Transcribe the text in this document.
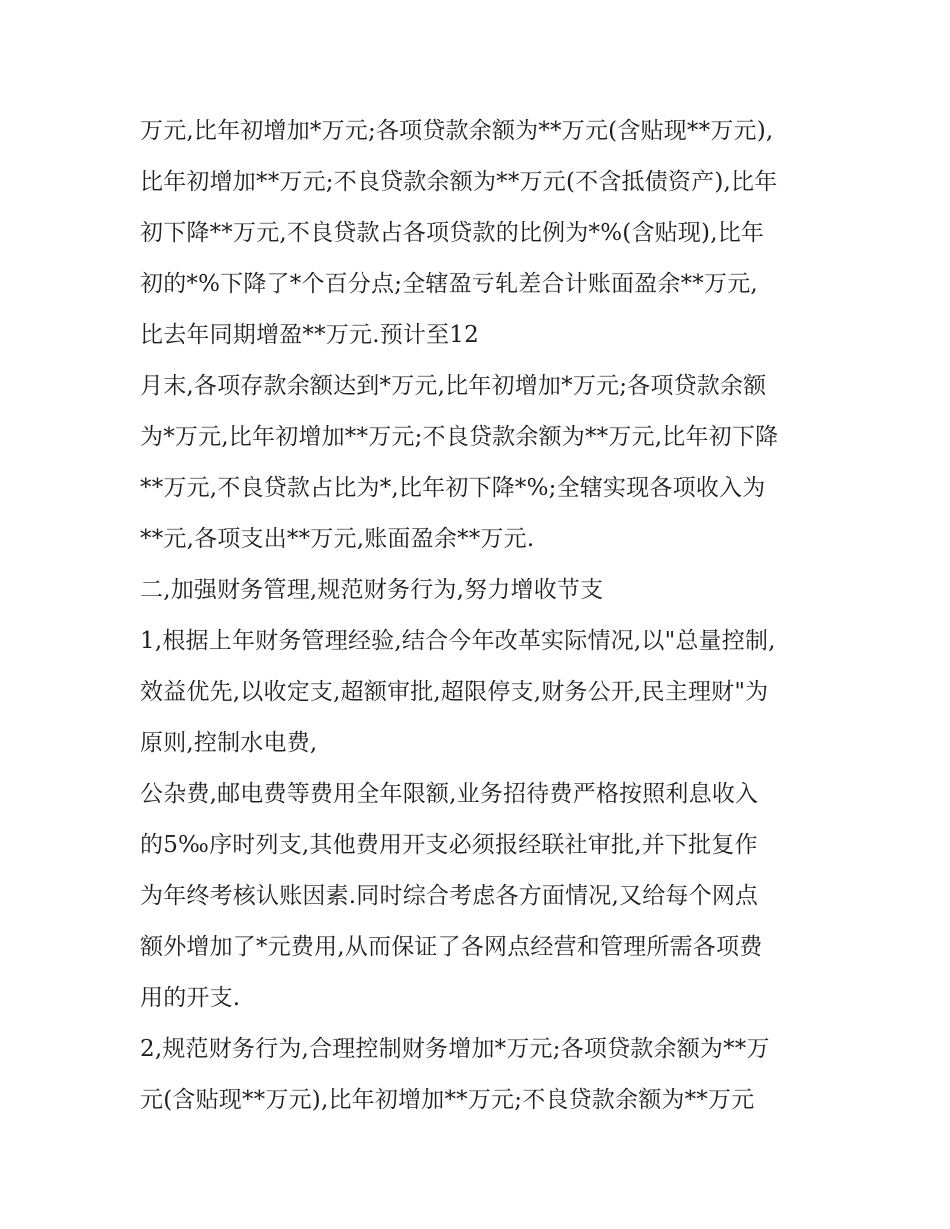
万元,比年初增加*万元;各项贷款余额为**万元(含贴现**万元),
比年初增加**万元;不良贷款余额为**万元(不含抵债资产),比年
初下降**万元,不良贷款占各项贷款的比例为*%(含贴现),比年
初的*%下降了*个百分点;全辖盈亏轧差合计账面盈余**万元,
比去年同期增盈**万元.预计至12
月末,各项存款余额达到*万元,比年初增加*万元;各项贷款余额
为*万元,比年初增加**万元;不良贷款余额为**万元,比年初下降
**万元,不良贷款占比为*,比年初下降*%;全辖实现各项收入为
**元,各项支出**万元,账面盈余**万元.
二,加强财务管理,规范财务行为,努力增收节支
1,根据上年财务管理经验,结合今年改革实际情况,以"总量控制,
效益优先,以收定支,超额审批,超限停支,财务公开,民主理财"为
原则,控制水电费,
公杂费,邮电费等费用全年限额,业务招待费严格按照利息收入
的5‰序时列支,其他费用开支必须报经联社审批,并下批复作
为年终考核认账因素.同时综合考虑各方面情况,又给每个网点
额外增加了*元费用,从而保证了各网点经营和管理所需各项费
用的开支.
2,规范财务行为,合理控制财务增加*万元;各项贷款余额为**万
元(含贴现**万元),比年初增加**万元;不良贷款余额为**万元
